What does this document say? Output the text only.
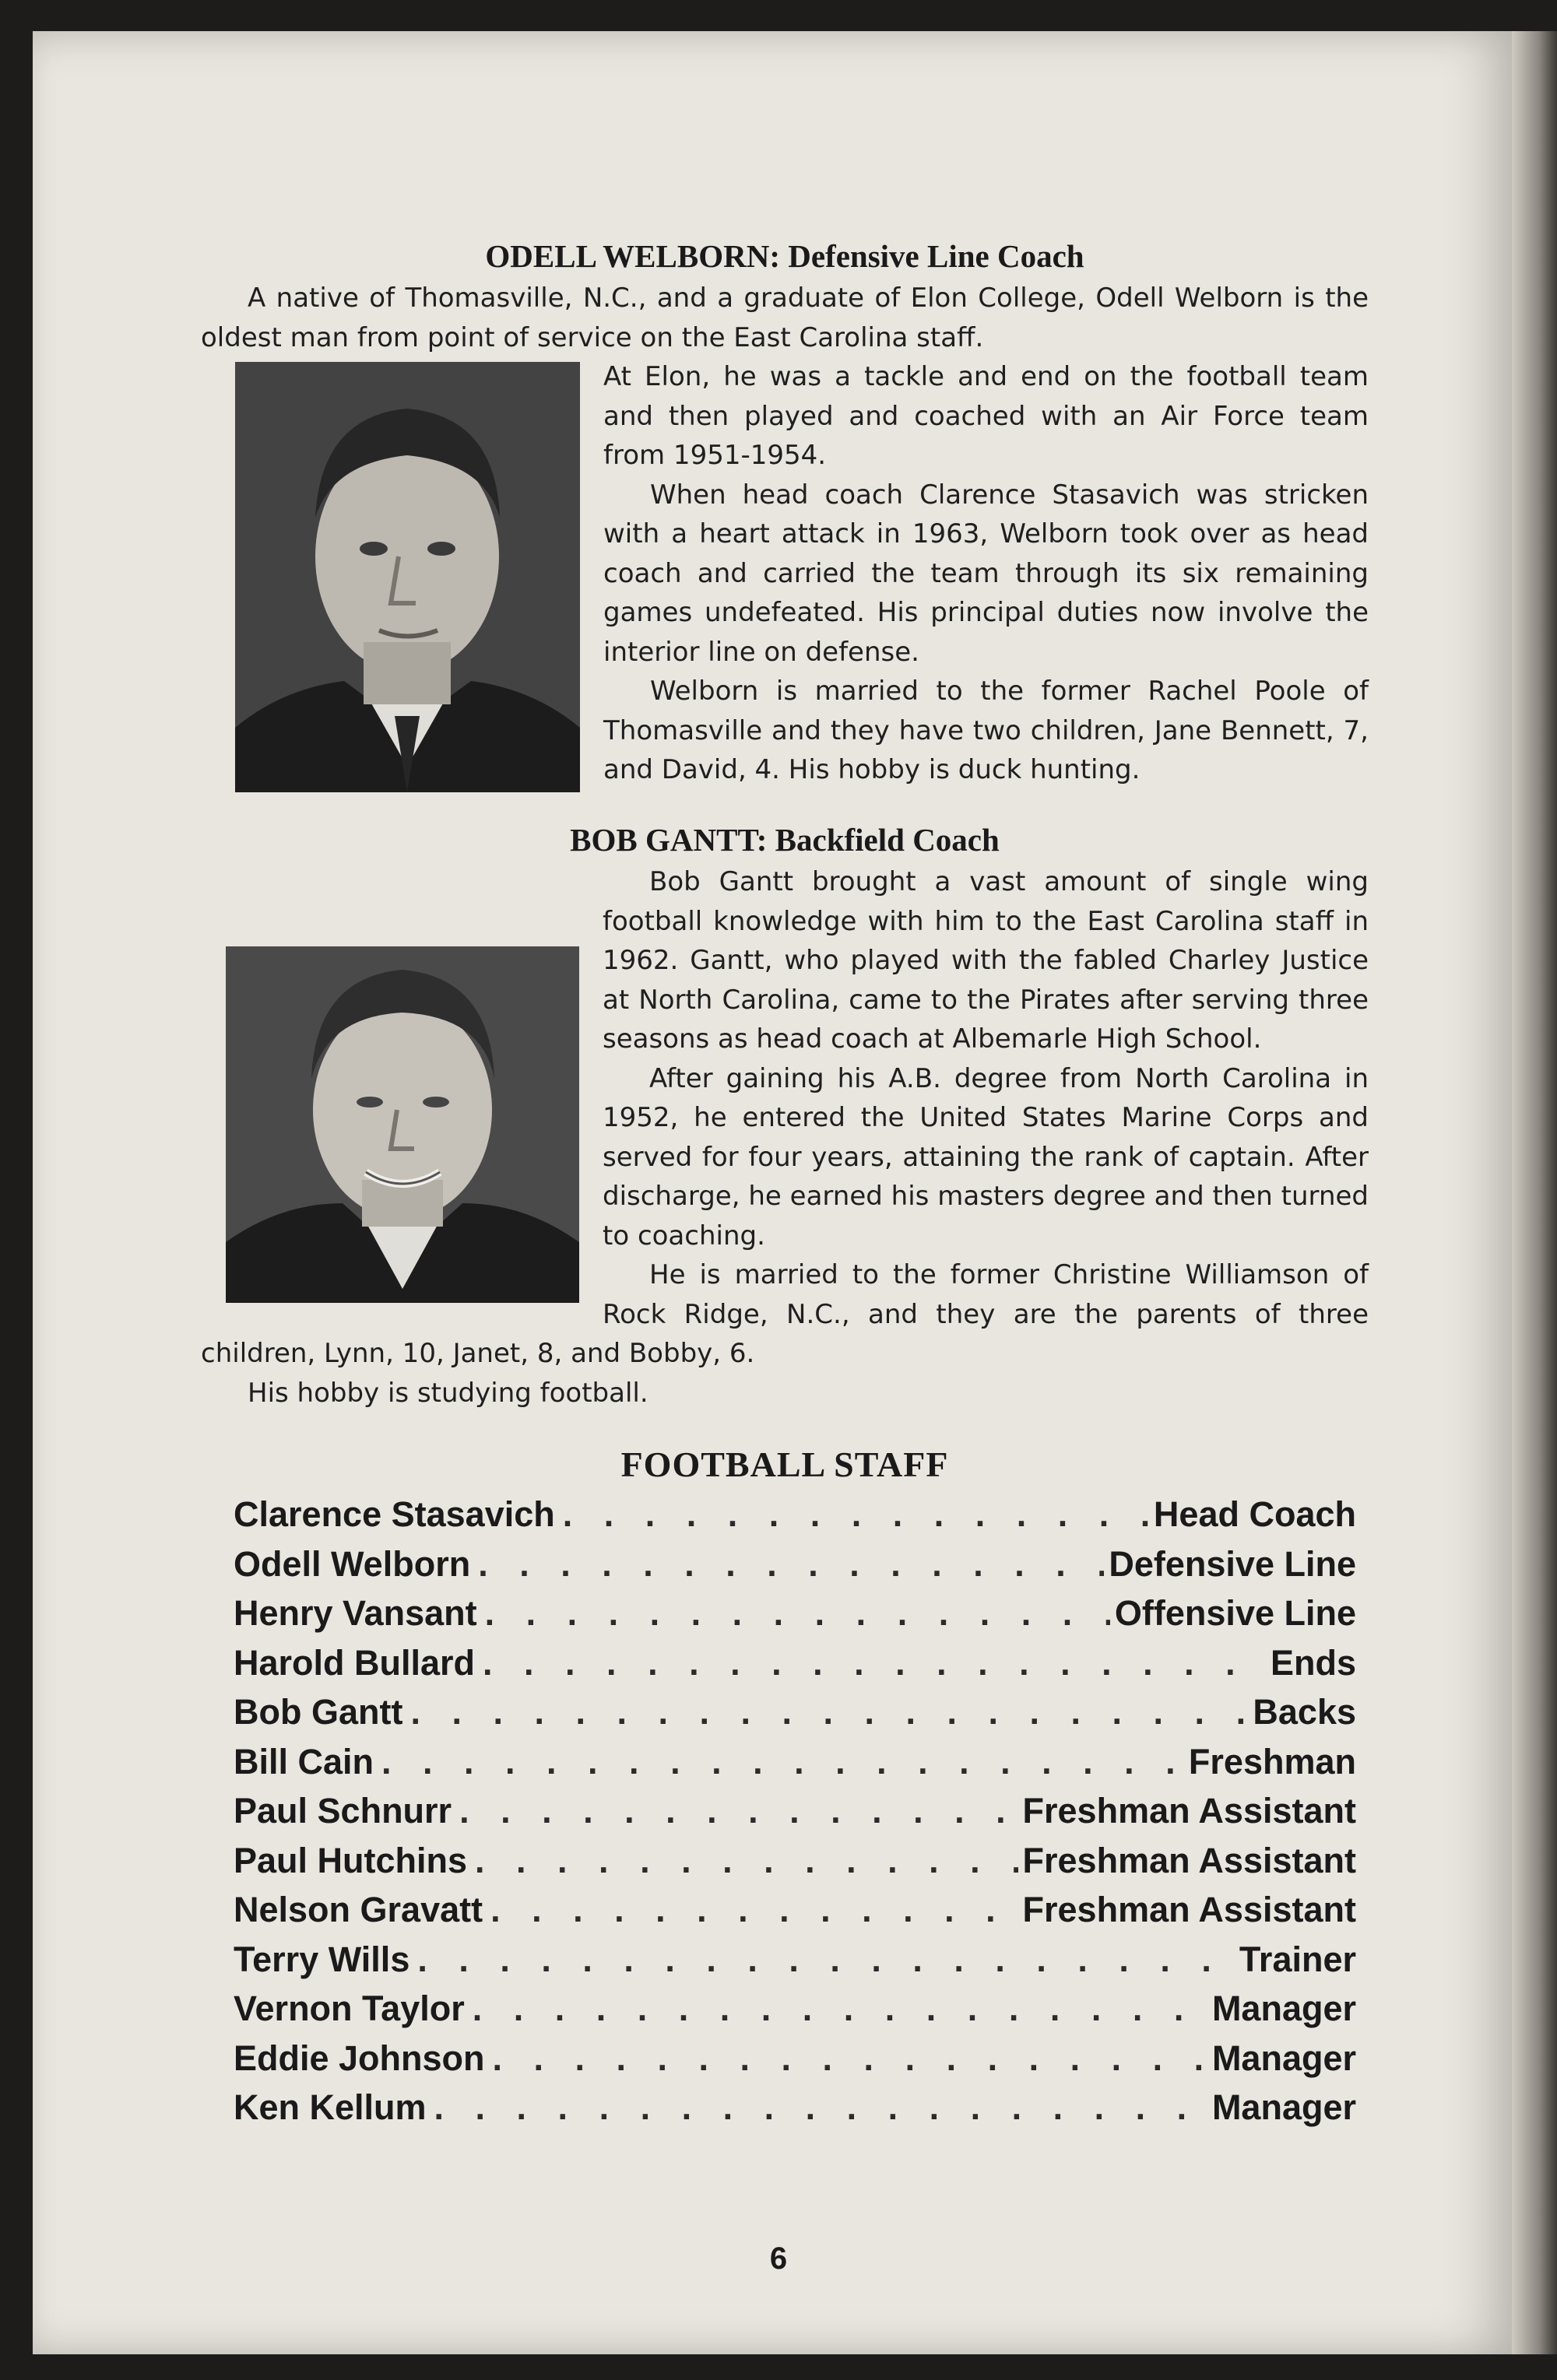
ODELL WELBORN: Defensive Line Coach

A native of Thomasville, N.C., and a graduate of Elon College, Odell Welborn is the oldest man from point of service on the East Carolina staff.

At Elon, he was a tackle and end on the football team and then played and coached with an Air Force team from 1951-1954.

When head coach Clarence Stasavich was stricken with a heart attack in 1963, Welborn took over as head coach and carried the team through its six remaining games undefeated. His principal duties now involve the interior line on defense.

Welborn is married to the former Rachel Poole of Thomasville and they have two children, Jane Bennett, 7, and David, 4. His hobby is duck hunting.

BOB GANTT: Backfield Coach

Bob Gantt brought a vast amount of single wing football knowledge with him to the East Carolina staff in 1962. Gantt, who played with the fabled Charley Justice at North Carolina, came to the Pirates after serving three seasons as head coach at Albemarle High School.

After gaining his A.B. degree from North Carolina in 1952, he entered the United States Marine Corps and served for four years, attaining the rank of captain. After discharge, he earned his masters degree and then turned to coaching.

He is married to the former Christine Williamson of Rock Ridge, N.C., and they are the parents of three children, Lynn, 10, Janet, 8, and Bobby, 6.

His hobby is studying football.

FOOTBALL STAFF
Clarence Stasavich . . .	Head Coach
Odell Welborn . . .	Defensive Line
Henry Vansant . . .	Offensive Line
Harold Bullard . . .	Ends
Bob Gantt . . .	Backs
Bill Cain . . .	Freshman
Paul Schnurr . . .	Freshman Assistant
Paul Hutchins . . .	Freshman Assistant
Nelson Gravatt . . .	Freshman Assistant
Terry Wills . . .	Trainer
Vernon Taylor . . .	Manager
Eddie Johnson . . .	Manager
Ken Kellum . . .	Manager
6
